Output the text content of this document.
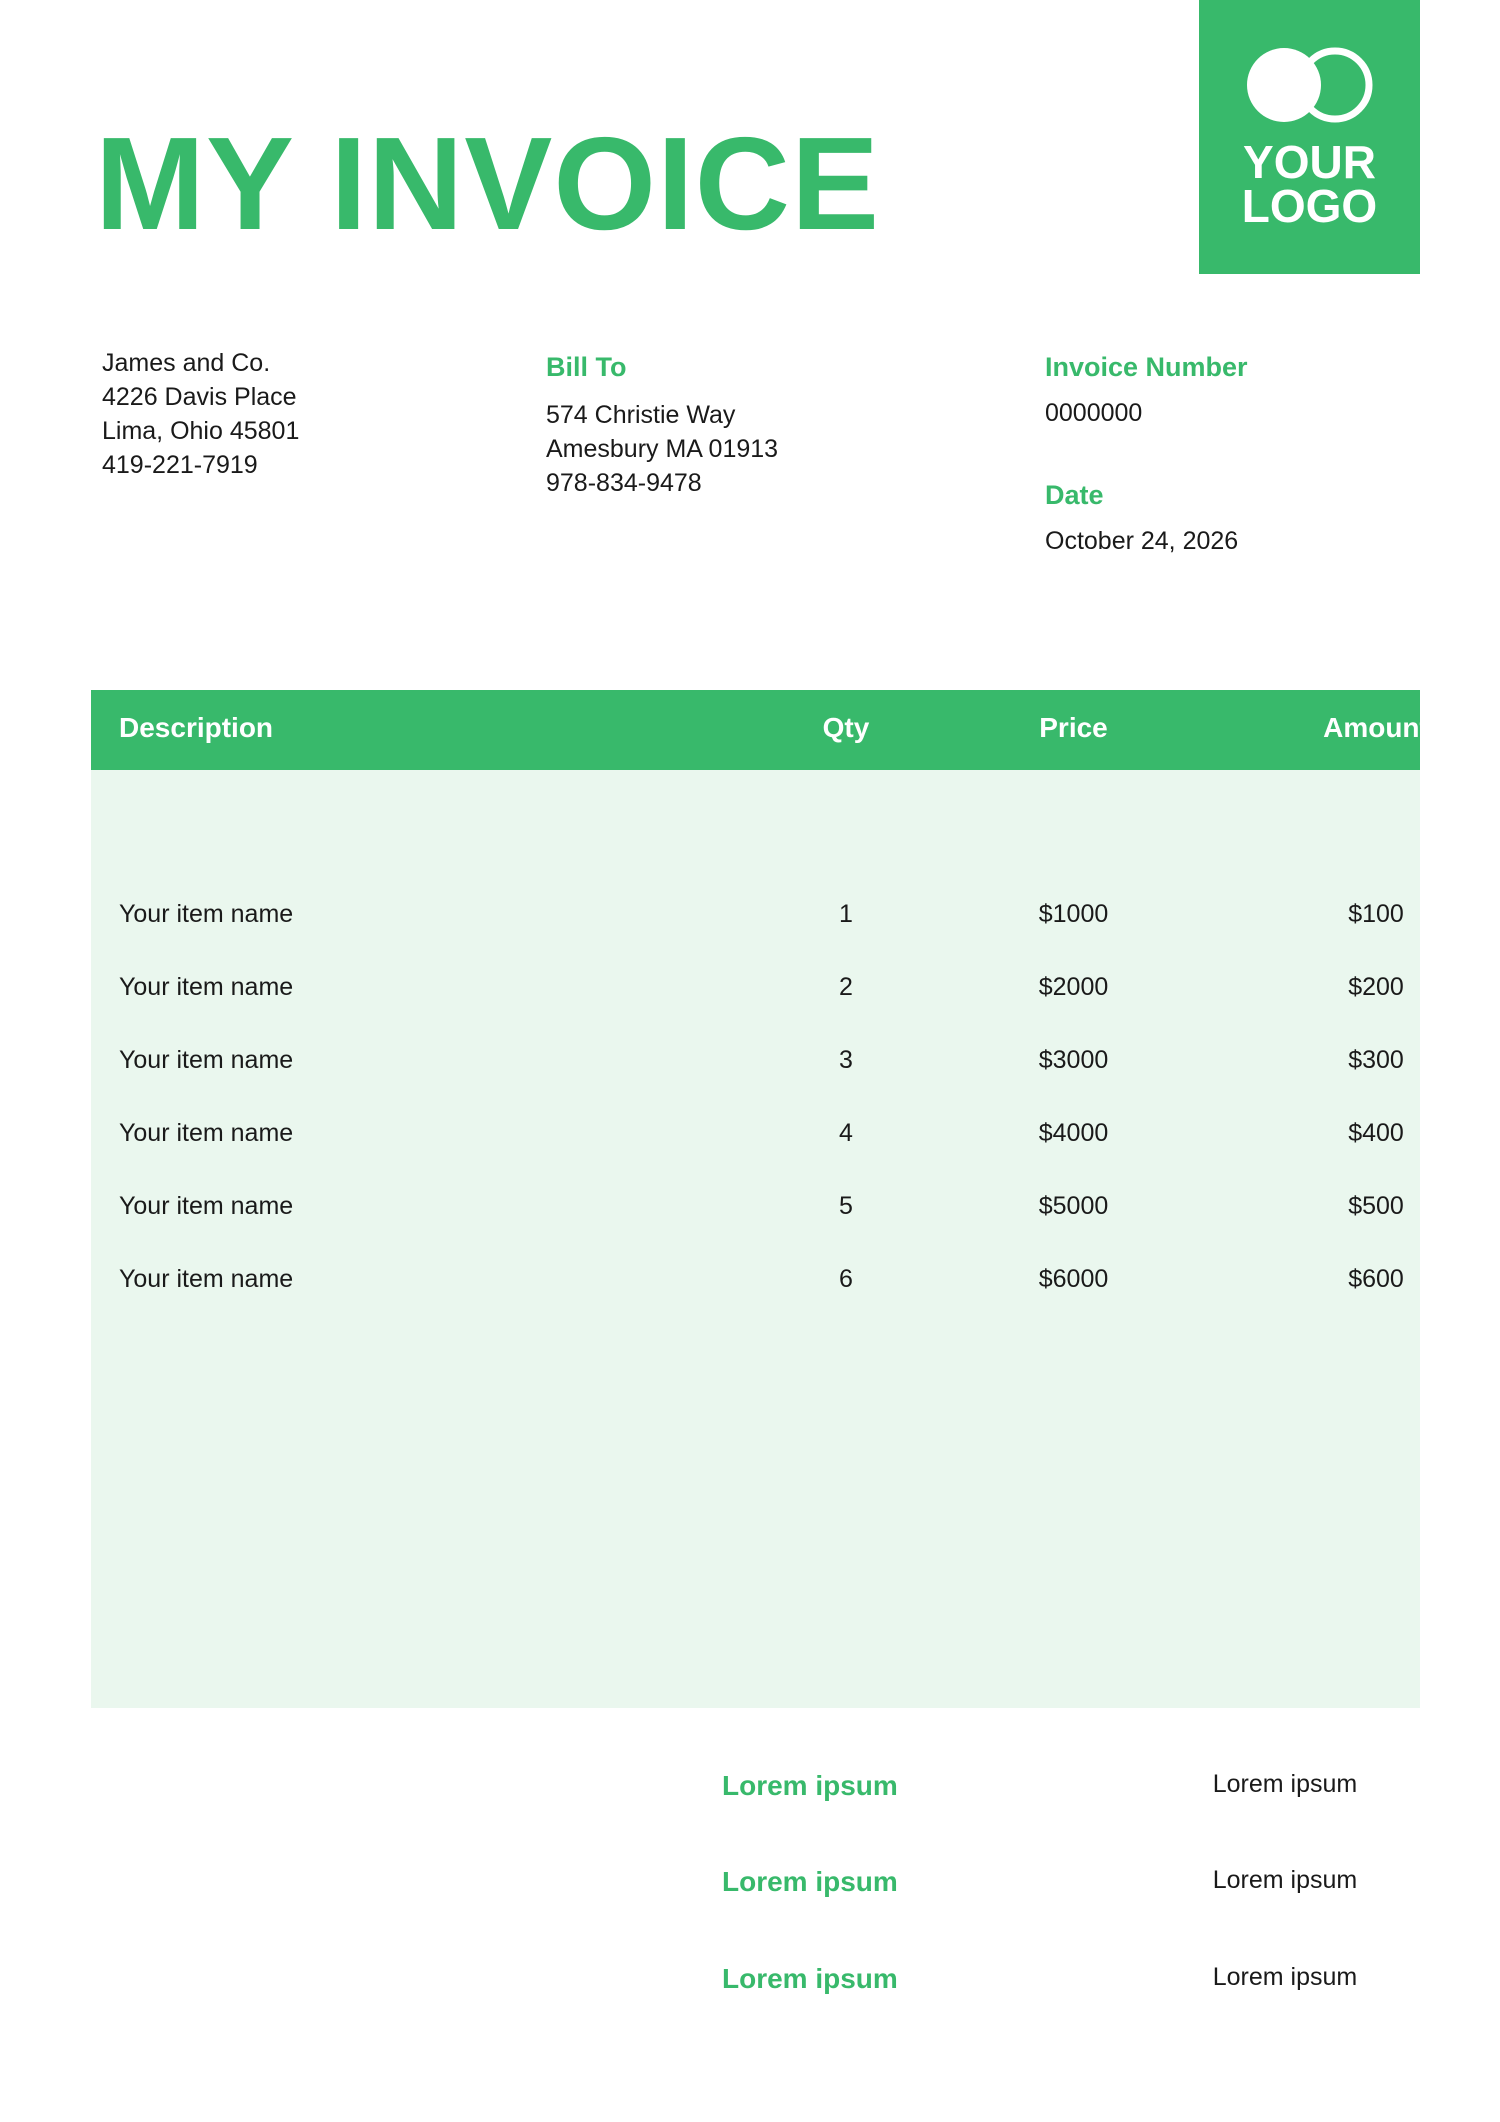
MY INVOICE	YOUR
LOGO
James and Co.
4226 Davis Place
Lima, Ohio 45801
419-221-7919
Bill To
574 Christie Way
Amesbury MA 01913
978-834-9478
Invoice Number
0000000
Date
October 24, 2026
Description	Qty	Price	Amount
Your item name	1	$1000	$100
Your item name	2	$2000	$200
Your item name	3	$3000	$300
Your item name	4	$4000	$400
Your item name	5	$5000	$500
Your item name	6	$6000	$600
Lorem ipsum	Lorem ipsum
Lorem ipsum	Lorem ipsum
Lorem ipsum	Lorem ipsum
